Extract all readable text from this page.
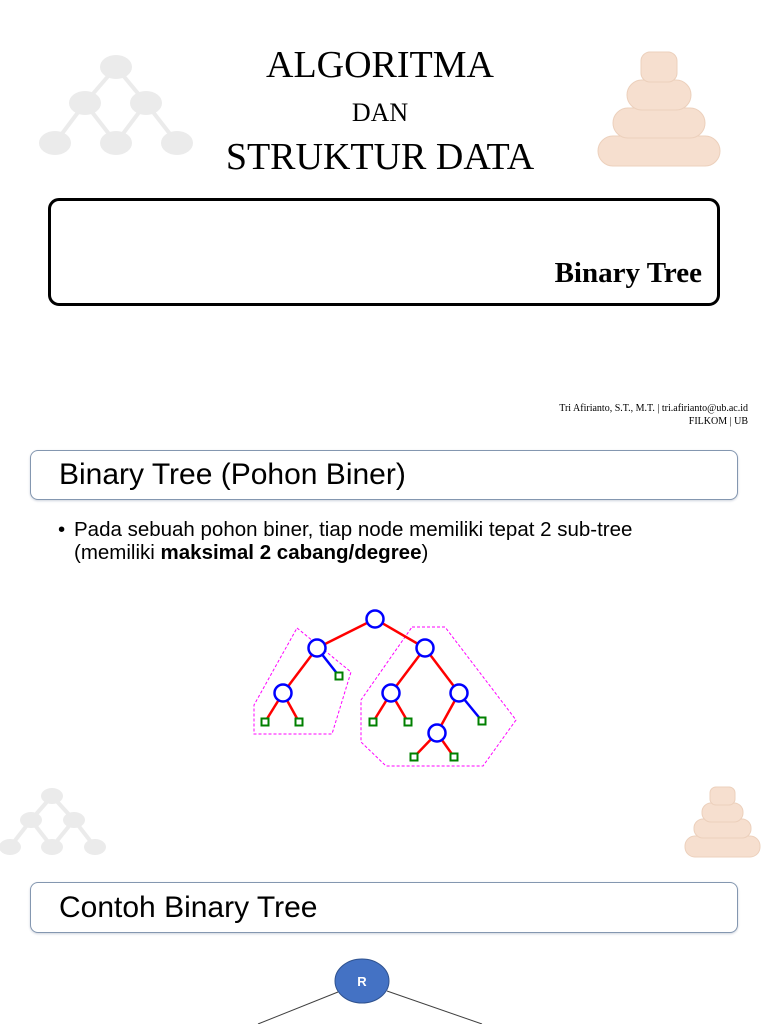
ALGORITMA
DAN
STRUKTUR DATA
Binary Tree
Tri Afirianto, S.T., M.T. | tri.afirianto@ub.ac.id
FILKOM | UB
Binary Tree (Pohon Biner)
• Pada sebuah pohon biner, tiap node memiliki tepat 2 sub-tree
(memiliki maksimal 2 cabang/degree)
Contoh Binary Tree
R
